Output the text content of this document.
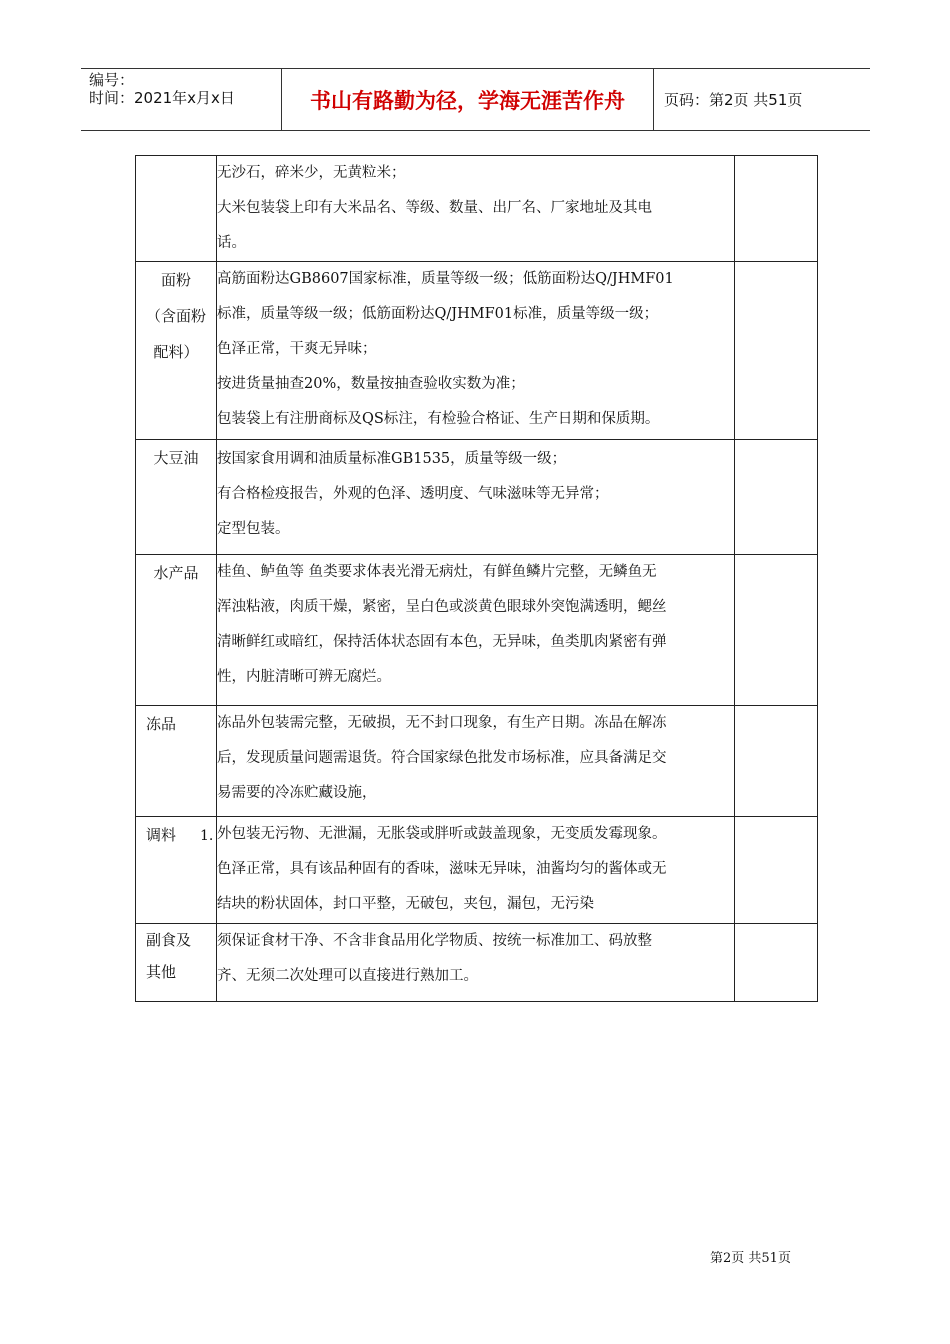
编号：
时间：2021年x月x日	书山有路勤为径，学海无涯苦作舟	页码：第2页 共51页

	无沙石，碎米少，无黄粒米；
大米包装袋上印有大米品名、等级、数量、出厂名、厂家地址及其电
话。	

面粉
（含面粉
配料）	高筋面粉达GB8607国家标准，质量等级一级；低筋面粉达Q/JHMF01
标准，质量等级一级；低筋面粉达Q/JHMF01标准，质量等级一级；
色泽正常，干爽无异味；
按进货量抽查20%，数量按抽查验收实数为准；
包装袋上有注册商标及QS标注，有检验合格证、生产日期和保质期。	

大豆油	按国家食用调和油质量标准GB1535，质量等级一级；
有合格检疫报告，外观的色泽、透明度、气味滋味等无异常；
定型包装。	

水产品	桂鱼、鲈鱼等 鱼类要求体表光滑无病灶，有鲜鱼鳞片完整，无鳞鱼无
浑浊粘液，肉质干燥，紧密，呈白色或淡黄色眼球外突饱满透明，鳃丝
清晰鲜红或暗红，保持活体状态固有本色，无异味，鱼类肌肉紧密有弹
性，内脏清晰可辨无腐烂。	

冻品	冻品外包装需完整，无破损，无不封口现象，有生产日期。冻品在解冻
后，发现质量问题需退货。符合国家绿色批发市场标准，应具备满足交
易需要的冷冻贮藏设施，	

调料 1.	外包装无污物、无泄漏，无胀袋或胖听或鼓盖现象，无变质发霉现象。
色泽正常，具有该品种固有的香味，滋味无异味，油酱均匀的酱体或无
结块的粉状固体，封口平整，无破包，夹包，漏包，无污染	

副食及
其他	须保证食材干净、不含非食品用化学物质、按统一标准加工、码放整
齐、无须二次处理可以直接进行熟加工。	

第2页 共51页
